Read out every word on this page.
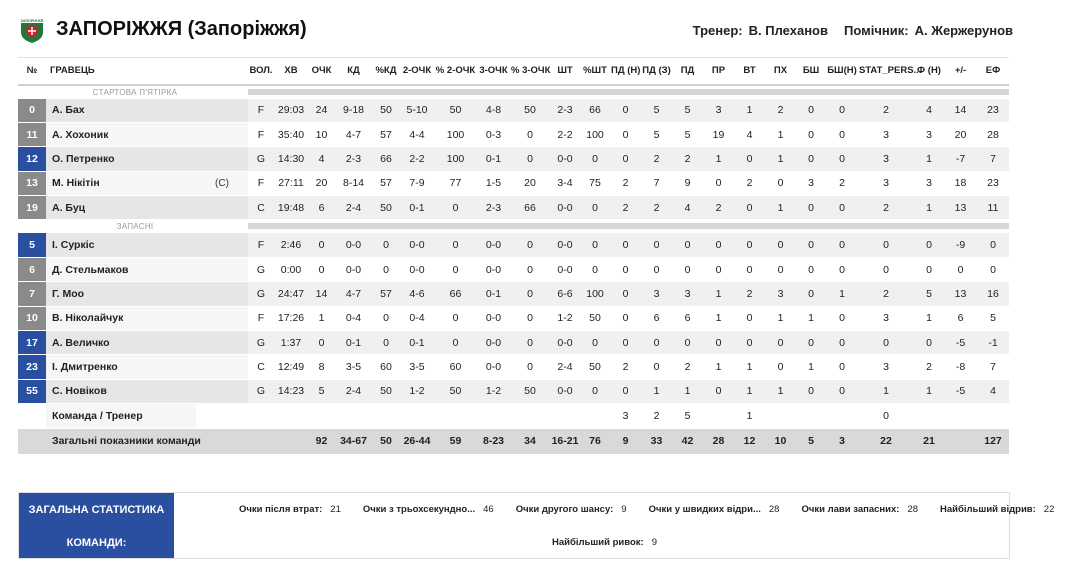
ЗАПОРІЖЖЯ ЗАПОРІЖЖЯ (Запоріжжя)	Тренер: В. Плеханов Помічник: А. Жержерунов
№	ГРАВЕЦЬ		ВОЛ.	ХВ	ОЧК	КД	%КД	2-ОЧК	% 2-ОЧК	3-ОЧК	% 3-ОЧК	ШТ	%ШТ	ПД (Н)	ПД (З)	ПД	ПР	ВТ	ПХ	БШ	БШ(Н)	STAT_PERS...	Ф (Н)	+/-	ЕФ
СТАРТОВА П'ЯТІРКА																									

0	А. Бах		F	29:03	24	9-18	50	5-10	50	4-8	50	2-3	66	0	5	5	3	1	2	0	0	2	4	14	23
11	А. Хохоник		F	35:40	10	4-7	57	4-4	100	0-3	0	2-2	100	0	5	5	19	4	1	0	0	3	3	20	28
12	О. Петренко		G	14:30	4	2-3	66	2-2	100	0-1	0	0-0	0	0	2	2	1	0	1	0	0	3	1	-7	7
13	М. Нікітін	(C)	F	27:11	20	8-14	57	7-9	77	1-5	20	3-4	75	2	7	9	0	2	0	3	2	3	3	18	23
19	А. Буц		C	19:48	6	2-4	50	0-1	0	2-3	66	0-0	0	2	2	4	2	0	1	0	0	2	1	13	11
ЗАПАСНІ																									

5	І. Суркіс		F	2:46	0	0-0	0	0-0	0	0-0	0	0-0	0	0	0	0	0	0	0	0	0	0	0	-9	0
6	Д. Стельмаков		G	0:00	0	0-0	0	0-0	0	0-0	0	0-0	0	0	0	0	0	0	0	0	0	0	0	0	0
7	Г. Моо		G	24:47	14	4-7	57	4-6	66	0-1	0	6-6	100	0	3	3	1	2	3	0	1	2	5	13	16
10	В. Ніколайчук		F	17:26	1	0-4	0	0-4	0	0-0	0	1-2	50	0	6	6	1	0	1	1	0	3	1	6	5
17	А. Величко		G	1:37	0	0-1	0	0-1	0	0-0	0	0-0	0	0	0	0	0	0	0	0	0	0	0	-5	-1
23	І. Дмитренко		C	12:49	8	3-5	60	3-5	60	0-0	0	2-4	50	2	0	2	1	1	0	1	0	3	2	-8	7
55	С. Новіков		G	14:23	5	2-4	50	1-2	50	1-2	50	0-0	0	0	1	1	0	1	1	0	0	1	1	-5	4
	Команда / Тренер													3	2	5		1				0			
	Загальні показники команди				92	34-67	50	26-44	59	8-23	34	16-21	76	9	33	42	28	12	10	5	3	22	21		127
ЗАГАЛЬНА СТАТИСТИКА
КОМАНДИ:
Очки після втрат: 21 Очки з трьохсекундно... 46 Очки другого шансу: 9 Очки у швидких відри... 28 Очки лави запасних: 28 Найбільший відрив: 22
Найбільший ривок: 9
